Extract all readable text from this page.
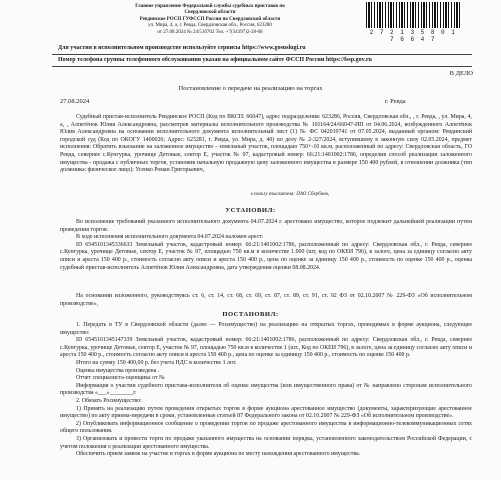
Главное управление Федеральной службы судебных приставов по
Свердловской области
Ревдинское РОСП ГУФССП России по Свердловской области
ул. Мира, 4, а, г. Ревда, Свердловская обл., Россия, 623280
от 27.08.2024 № 24/510702 Тел. +7(34397)2-28-08	2 7 2 1 3 5 8 0 1 7 6 6 4 7
Для участия в исполнительном производстве используйте сервисы https://www.gosuslugi.ru
Номер телефона группы телефонного обслуживания указан на официальном сайте ФССП России https://fssp.gov.ru
В ДЕЛО
Постановление о передаче на реализацию на торгах
27.08.2024	г. Ревда

Судебный пристав-исполнитель Ревдинское РОСП (Код по ВКСП: 66047), адрес подразделения: 623286, Россия, Свердловская обл., , г. Ревда, , ул. Мира, 4, а, , Алпетёнок Юлия Александровна, рассмотрев материалы исполнительного производства № 101164/24/66047-ИП от 04.06.2024, возбужденного Алпетёнок Юлия Александровна на основании исполнительного документа исполнительный лист (1) № ФС 042019741 от 07.05.2024, выданный органом: Ревдинский городской суд (Код по ОКОГУ 1400026; Адрес: 623281, г. Ревда, ул. Мира, д. 40) по делу № 2-327/2024, вступившему в законную силу 02.05.2024, предмет исполнения: Обратить взыскание на заложенное имущество - земельный участок, площадью 750+-10 кв.м, расположенный по адресу: Свердловская область, ГО Ревда, севернее с.Кунгурка, урочище Детовые, сектор Е, участок № 97, кадастровый номер: 66:21:1401002:1786, определив способ реализации заложенного имущества - продажа с публичных торгов, установив начальную продажную цену заложенного имущества в размере 150 400 рублей, в отношении должника (тип должника: физическое лицо): Усенко Роман Григорьевич,

в пользу взыскателя: ПАО Сбербанк,
УСТАНОВИЛ:

Во исполнение требований указанного исполнительного документа 04.07.2024 г. арестовано имущество, которое подлежит дальнейшей реализации путем проведения торгов.

В ходе исполнения исполнительного документа 04.07.2024 наложен арест:

ID 6545101345336633 Земельный участок, кадастровый номер: 66:21:1401002:1786, расположенный по адресу: Свердловская обл., г. Ревда, севернее с.Кунгурка, урочище Детовые, сектор Е, участок № 97, площадью 750 кв.м в количестве 1.000 (шт, код по ОКЕИ 796), в залоге, цена за единицу согласно акту описи и ареста 150 400 р., стоимость согласно акту описи и ареста 150 400 р., цена по оценке за единицу 150 400 р., стоимость по оценке 150 400 р., оценка судебный пристав-исполнитель Алпетёнок Юлия Александровна, дата утверждения оценки 08.08.2024.

На основании изложенного, руководствуясь ст. 6, ст. 14, ст. 68, ст. 69, ст. 87, ст. 89, ст. 91, ст. 92 ФЗ от 02.10.2007 № 229-ФЗ «Об исполнительном производстве»,

ПОСТАНОВИЛ:

1. Передать в ТУ в Свердловской области (далее — Росимущество) на реализацию на открытых торгах, проводимых в форме аукциона, следующее имущество:

ID 6545101345147339 Земельный участок, кадастровый номер: 66:21:1401002:1786, расположенный по адресу: Свердловская обл., г. Ревда, севернее с.Кунгурка, урочище Детовые, сектор Е, участок № 97, площадью 750 кв.м в количестве 1 (шт., Код по ОКЕИ 796), в залоге, цена за единицу согласно акту описи и ареста 150 400 р., стоимость согласно акту описи и ареста 150 400 р., цена по оценке за единицу 150 400 р., стоимость по оценке 150 400 р.

Итого на сумму 150 400,00 р. без учета НДС в количестве 1 лот.

Оценка имущества произведена .

Отчет специалиста-оценщика от №

Информация о участии судебного пристава-исполнителя об оценке имущества (или имущественного права) от № направлено сторонам исполнительного производства «___»________г.

2. Обязать Росимущество:

1) Принять на реализацию путем проведения открытых торгов в форме аукциона арестованное имущество (документы, характеризующие арестованное имущество) по акту приема-передачи в сроки, установленные статьей 87 Федерального закона от 02.10.2007 № 229-ФЗ «Об исполнительном производстве».

2) Опубликовать информационное сообщение о проведении торгов по продаже арестованного имущества в информационно-телекоммуникационных сетях общего пользования.

3) Организовать и провести торги по продаже указанного имущества на основании порядка, установленного законодательством Российской Федерации, с учетом положения о реализации арестованного имущества.

Обеспечить прием заявок на участие в торгах в форме аукциона по месту нахождения арестованного имущества.
